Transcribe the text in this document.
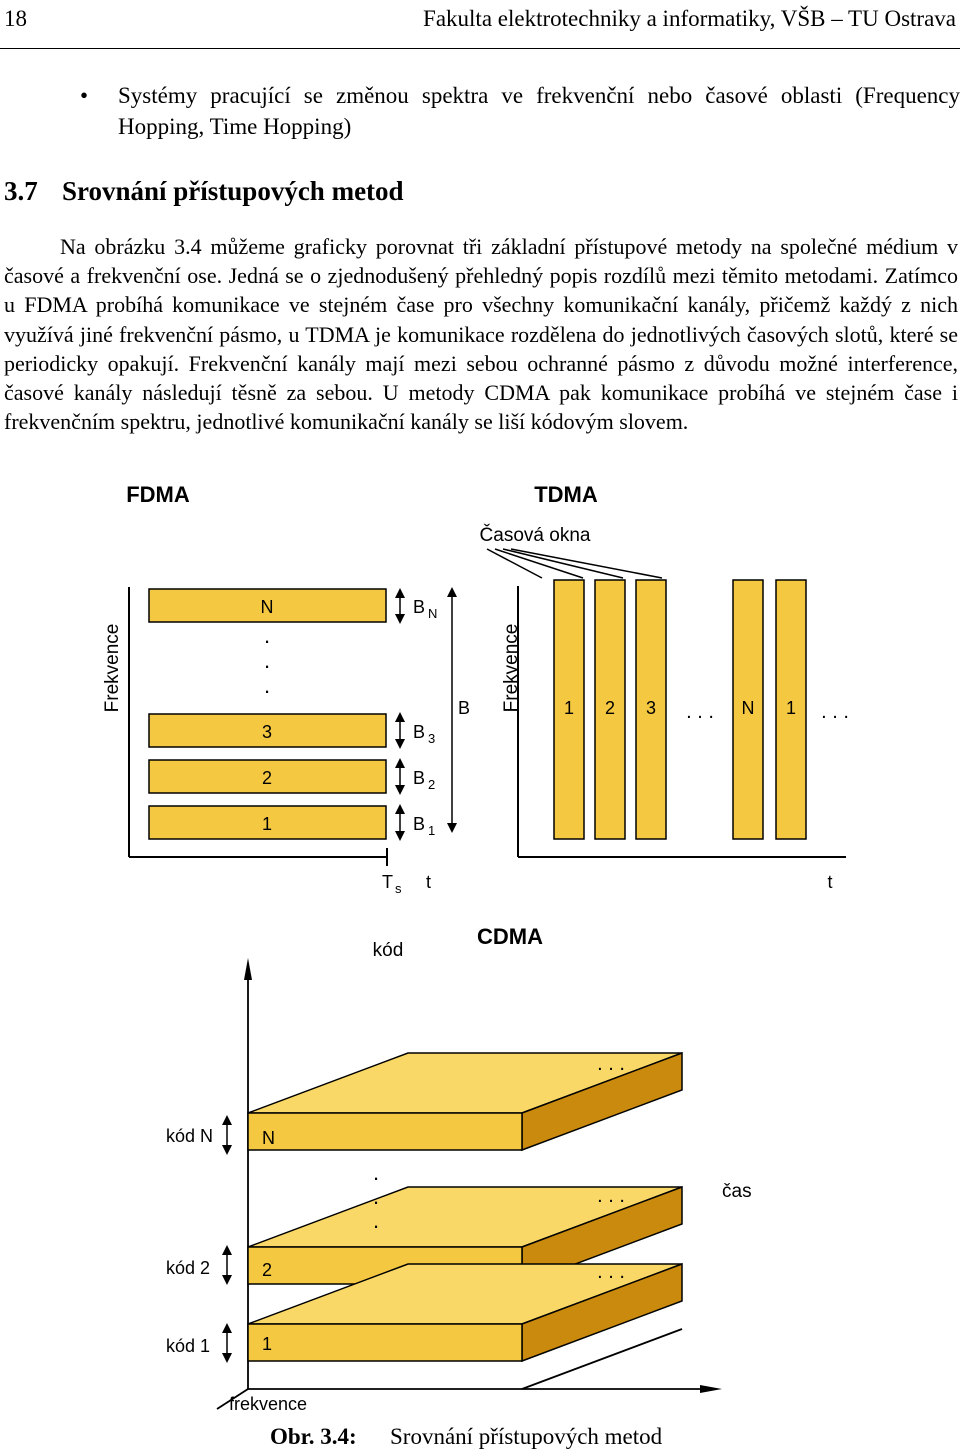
18	Fakulta elektrotechniky a informatiky, VŠB – TU Ostrava
• Systémy pracující se změnou spektra ve frekvenční nebo časové oblasti (Frequency Hopping, Time Hopping)
3.7 Srovnání přístupových metod

Na obrázku 3.4 můžeme graficky porovnat tři základní přístupové metody na společné médium v časové a frekvenční ose. Jedná se o zjednodušený přehledný popis rozdílů mezi těmito metodami. Zatímco u FDMA probíhá komunikace ve stejném čase pro všechny komunikační kanály, přičemž každý z nich využívá jiné frekvenční pásmo, u TDMA je komunikace rozdělena do jednotlivých časových slotů, které se periodicky opakují. Frekvenční kanály mají mezi sebou ochranné pásmo z důvodu možné interference, časové kanály následují těsně za sebou. U metody CDMA pak komunikace probíhá ve stejném čase i frekvenčním spektru, jednotlivé komunikační kanály se liší kódovým slovem.

FDMA
Frekvence
N
3
2
1
.
.
.
B $_N$
B $_3$
B $_2$
B $_1$
B
T $_s$ t
TDMA
Časová okna
Frekvence 1 2 3	N 1
. . .	. . .
t
kód
CDMA
frekvence
čas
kód N
kód 2
kód 1
N
2
1
.
.
.
. . .
. . .
. . .
Obr. 3.4: Srovnání přístupových metod
